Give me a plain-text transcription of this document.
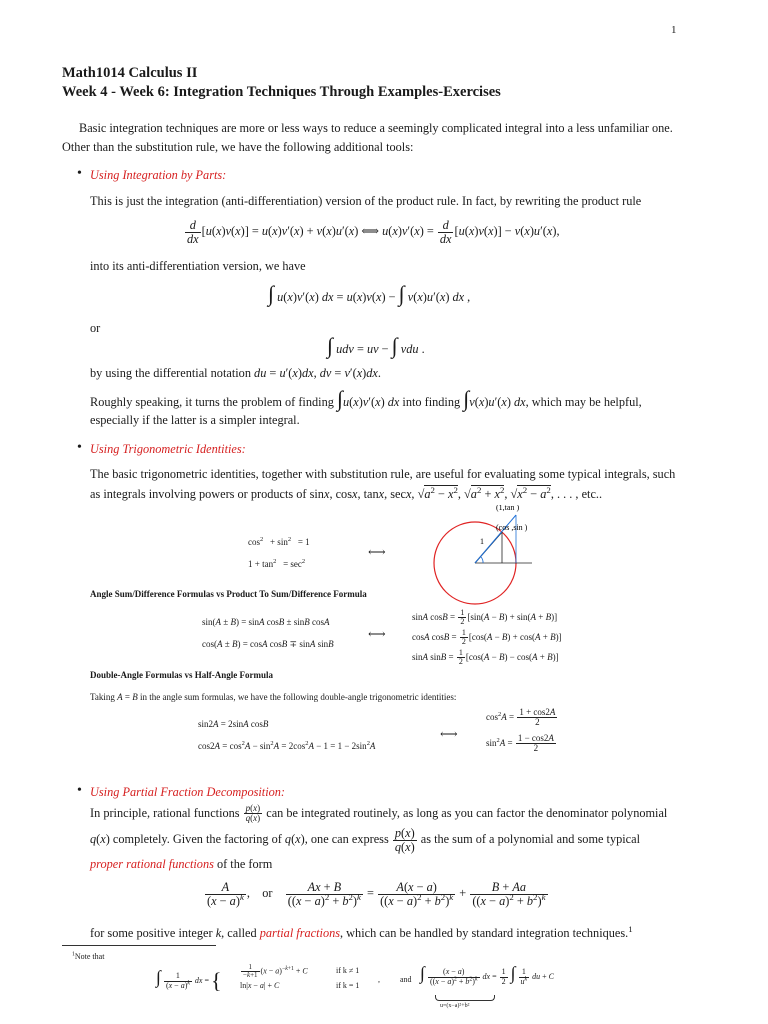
1
Math1014 Calculus II
Week 4 - Week 6: Integration Techniques Through Examples-Exercises
Basic integration techniques are more or less ways to reduce a seemingly complicated integral into a less unfamiliar one.
Other than the substitution rule, we have the following additional tools:
• Using Integration by Parts:
This is just the integration (anti-differentiation) version of the product rule. In fact, by rewriting the product rule
$\frac{d}{dx} [u(x)v(x)] = u(x)v'(x) + v(x)u'(x)$ ⟺ $u(x)v'(x) = \frac{d}{dx} [u(x)v(x)] - v(x)u'(x)$,
into its anti-differentiation version, we have
∫ u(x)v′(x) dx = u(x)v(x) − ∫ v(x)u′(x) dx ,
or
∫ udv = uv − ∫ vdu .
by using the differential notation du = u′(x)dx, dv = v′(x)dx.
Roughly speaking, it turns the problem of finding ∫u(x)v′(x) dx into finding ∫v(x)u′(x) dx, which may be helpful,
especially if the latter is a simpler integral.
• Using Trigonometric Identities:
The basic trigonometric identities, together with substitution rule, are useful for evaluating some typical integrals, such
as integrals involving powers or products of sinx, cosx, tanx, secx, $√a^2 - x^2$, $√a^2 + x^2$, $√x^2 - a^2$, . . . , etc..
$\cos^2 + \sin^2 = 1$
$1 + \tan^2 = \sec^2$
⟷
1
(1,tan )
(cos ,sin )
Angle Sum/Difference Formulas vs Product To Sum/Difference Formula
sin(A ± B) = sinA cosB ± sinB cosA
cos(A ± B) = cosA cosB ∓ sinA sinB
⟷
sinA $\cos B = \frac{1}{2} [\sin(A - B) + \sin(A + B)]$
cosA $\cos B = \frac{1}{2} [\cos(A - B) + \cos(A + B)]$
sinA $\sin B = \frac{1}{2} [\cos(A - B) - \cos(A + B)]$
Double-Angle Formulas vs Half-Angle Formula
Taking A = B in the angle sum formulas, we have the following double-angle trigonometric identities:
sin2A = 2sinA cosB
$\cos 2A = \cos^2A - \sin^2A = 2\cos^2A - 1 = 1 - 2\sin^2A$
⟷
$\cos^2A = \frac{1 + \cos 2A}{2}$
$\sin^2A = \frac{1 - \cos 2A}{2}$
• Using Partial Fraction Decomposition:
In principle, rational functions $\frac{p(x)}{q(x)}$ can be integrated routinely, as long as you can factor the denominator polynomial
q(x) completely. Given the factoring of q(x), one can express $\frac{p(x)}{q(x)}$ as the sum of a polynomial and some typical
proper rational functions of the form
$\frac{A}{(x - a)^k}$ ,    or $\frac{Ax + B}{((x - a)^2 + b^2)^k} = \frac{A(x - a)}{((x - a)^2 + b^2)^k} + \frac{B + Aa}{((x - a)^2 + b^2)^k}$
for some positive integer k, called partial fractions, which can be handled by standard integration techniques.$^1$
$^1$Note that
∫ $\frac{1}{(x - a)^k}$ dx = {	$\frac{1}{-k+1} (x - a)^{-k+1} + C$
ln|x − a| + C
if k ≠ 1
if k = 1
,	and ∫ $\frac{(x - a)}{((x - a)^2 + b^2)^k}$ dx = $\frac{1}{2}$ ∫ $\frac{1}{u^k}$ du + C
u=(x−a)²+b²
